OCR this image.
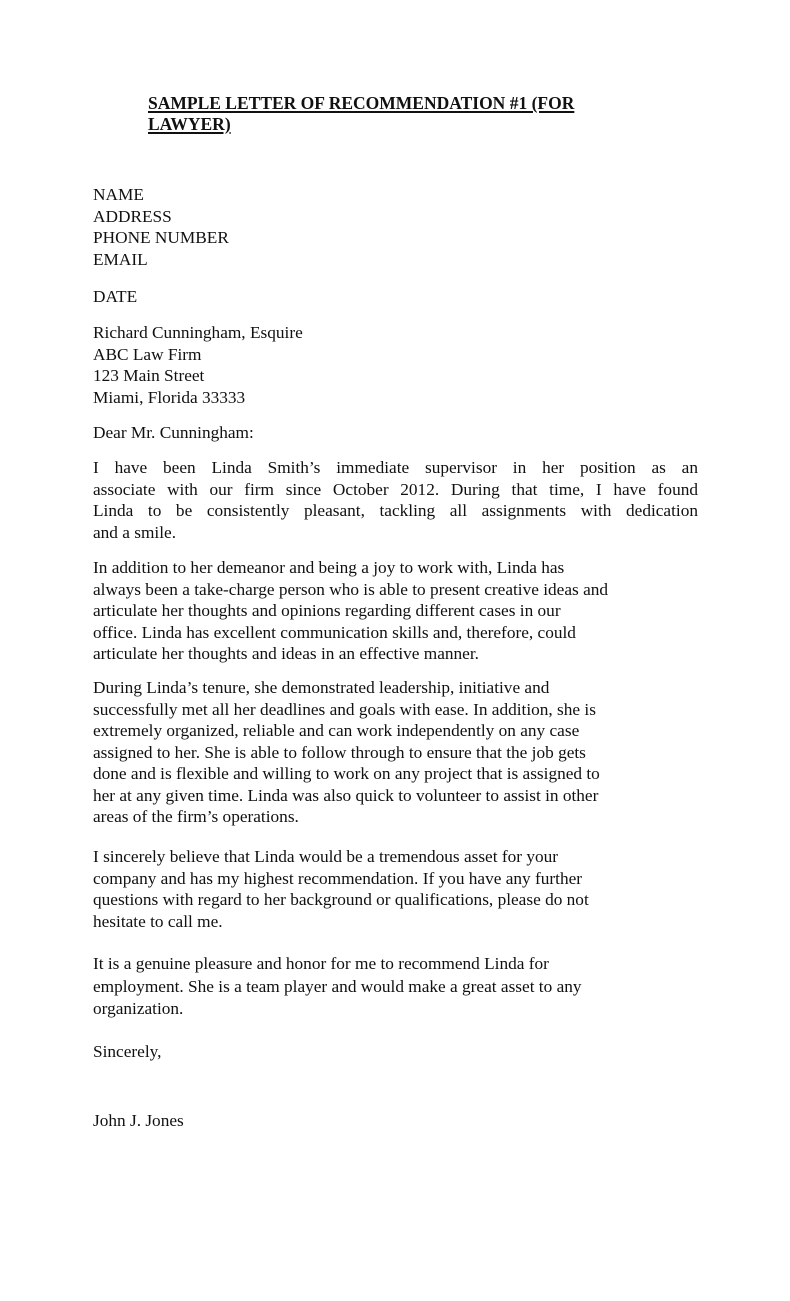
SAMPLE LETTER OF RECOMMENDATION #1 (FOR
LAWYER)
NAME
ADDRESS
PHONE NUMBER
EMAIL
DATE
Richard Cunningham, Esquire
ABC Law Firm
123 Main Street
Miami, Florida 33333
Dear Mr. Cunningham:
I have been Linda Smith’s immediate supervisor in her position as an
associate with our firm since October 2012. During that time, I have found
Linda to be consistently pleasant, tackling all assignments with dedication
and a smile.
In addition to her demeanor and being a joy to work with, Linda has
always been a take-charge person who is able to present creative ideas and
articulate her thoughts and opinions regarding different cases in our
office. Linda has excellent communication skills and, therefore, could
articulate her thoughts and ideas in an effective manner.
During Linda’s tenure, she demonstrated leadership, initiative and
successfully met all her deadlines and goals with ease. In addition, she is
extremely organized, reliable and can work independently on any case
assigned to her. She is able to follow through to ensure that the job gets
done and is flexible and willing to work on any project that is assigned to
her at any given time. Linda was also quick to volunteer to assist in other
areas of the firm’s operations.
I sincerely believe that Linda would be a tremendous asset for your
company and has my highest recommendation. If you have any further
questions with regard to her background or qualifications, please do not
hesitate to call me.
It is a genuine pleasure and honor for me to recommend Linda for
employment. She is a team player and would make a great asset to any
organization.
Sincerely,
John J. Jones
